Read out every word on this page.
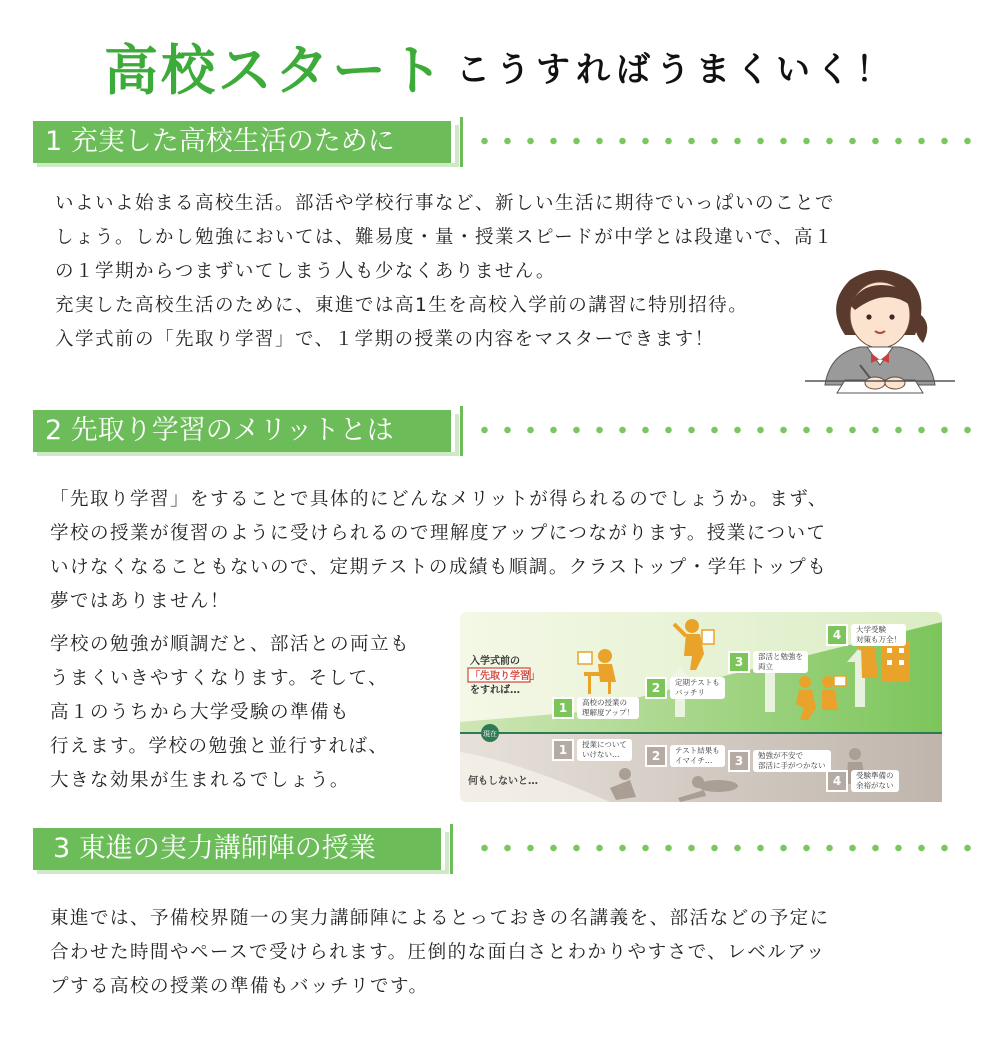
高校スタート こうすればうまくいく！
1 充実した高校生活のために

いよいよ始まる高校生活。部活や学校行事など、新しい生活に期待でいっぱいのことで

しょう。しかし勉強においては、難易度・量・授業スピードが中学とは段違いで、高１

の１学期からつまずいてしまう人も少なくありません。

充実した高校生活のために、東進では高1生を高校入学前の講習に特別招待。

入学式前の「先取り学習」で、１学期の授業の内容をマスターできます！

2 先取り学習のメリットとは

「先取り学習」をすることで具体的にどんなメリットが得られるのでしょうか。まず、

学校の授業が復習のように受けられるので理解度アップにつながります。授業について

いけなくなることもないので、定期テストの成績も順調。クラストップ・学年トップも

夢ではありません！

学校の勉強が順調だと、部活との両立も

うまくいきやすくなります。そして、

高１のうちから大学受験の準備も

行えます。学校の勉強と並行すれば、

大きな効果が生まれるでしょう。

現在
入学式前の
「先取り学習」
をすれば…
何もしないと…
1	高校の授業の
理解度アップ！
2	定期テストも
バッチリ
3	部活と勉強を
両立
4	大学受験
対策も万全！
1	授業について
いけない…	2	テスト結果も
イマイチ…	3	勉強が不安で
部活に手がつかない
4	受験準備の
余裕がない
3 東進の実力講師陣の授業

東進では、予備校界随一の実力講師陣によるとっておきの名講義を、部活などの予定に

合わせた時間やペースで受けられます。圧倒的な面白さとわかりやすさで、レベルアッ

プする高校の授業の準備もバッチリです。
